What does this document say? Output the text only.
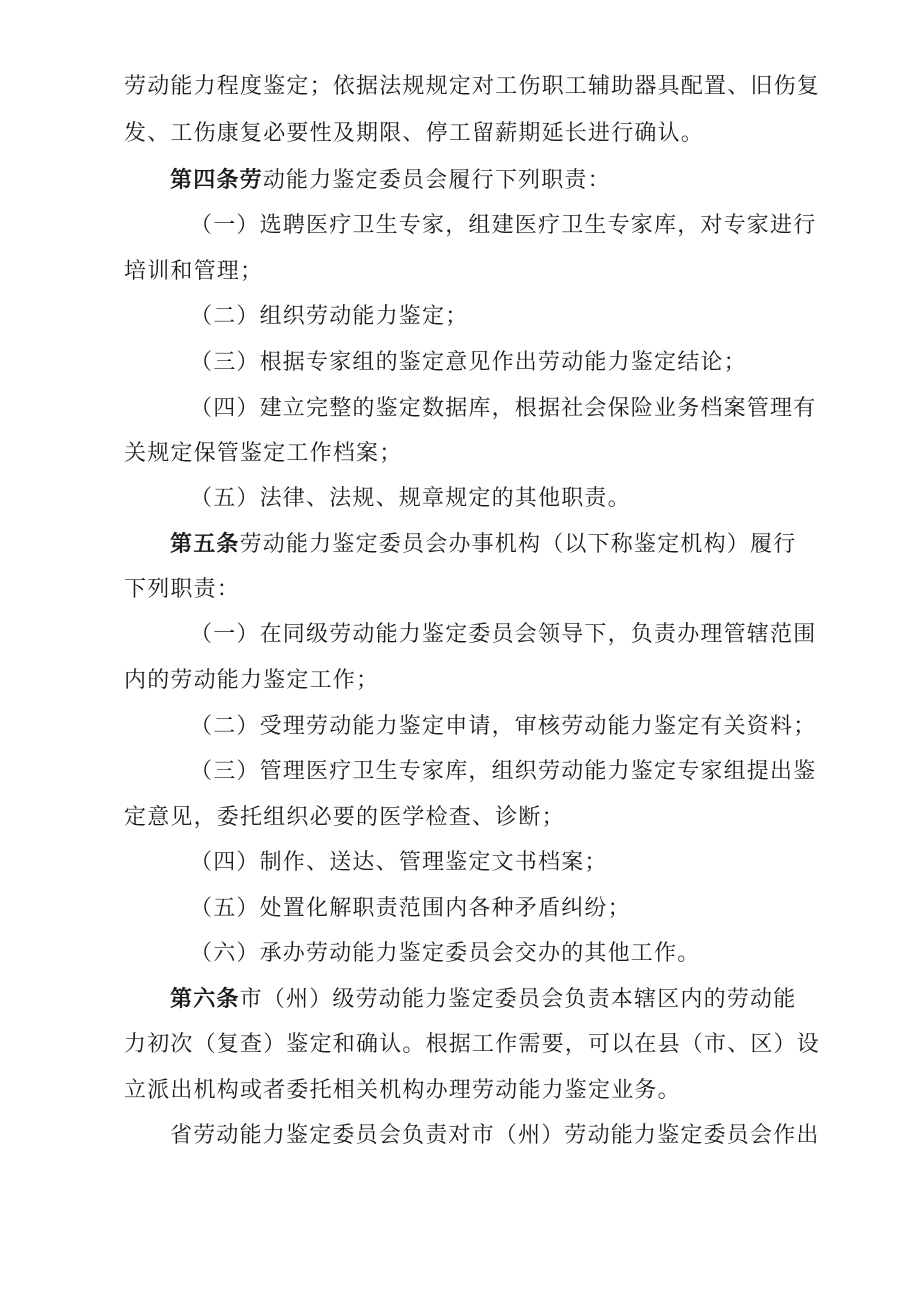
劳动能力程度鉴定；依据法规规定对工伤职工辅助器具配置、旧伤复
发、工伤康复必要性及期限、停工留薪期延长进行确认。
第四条劳动能力鉴定委员会履行下列职责：
（一）选聘医疗卫生专家，组建医疗卫生专家库，对专家进行
培训和管理；
（二）组织劳动能力鉴定；
（三）根据专家组的鉴定意见作出劳动能力鉴定结论；
（四）建立完整的鉴定数据库，根据社会保险业务档案管理有
关规定保管鉴定工作档案；
（五）法律、法规、规章规定的其他职责。
第五条劳动能力鉴定委员会办事机构（以下称鉴定机构）履行
下列职责：
（一）在同级劳动能力鉴定委员会领导下，负责办理管辖范围
内的劳动能力鉴定工作；
（二）受理劳动能力鉴定申请，审核劳动能力鉴定有关资料；
（三）管理医疗卫生专家库，组织劳动能力鉴定专家组提出鉴
定意见，委托组织必要的医学检查、诊断；
（四）制作、送达、管理鉴定文书档案；
（五）处置化解职责范围内各种矛盾纠纷；
（六）承办劳动能力鉴定委员会交办的其他工作。
第六条市（州）级劳动能力鉴定委员会负责本辖区内的劳动能
力初次（复查）鉴定和确认。根据工作需要，可以在县（市、区）设
立派出机构或者委托相关机构办理劳动能力鉴定业务。
省劳动能力鉴定委员会负责对市（州）劳动能力鉴定委员会作出
